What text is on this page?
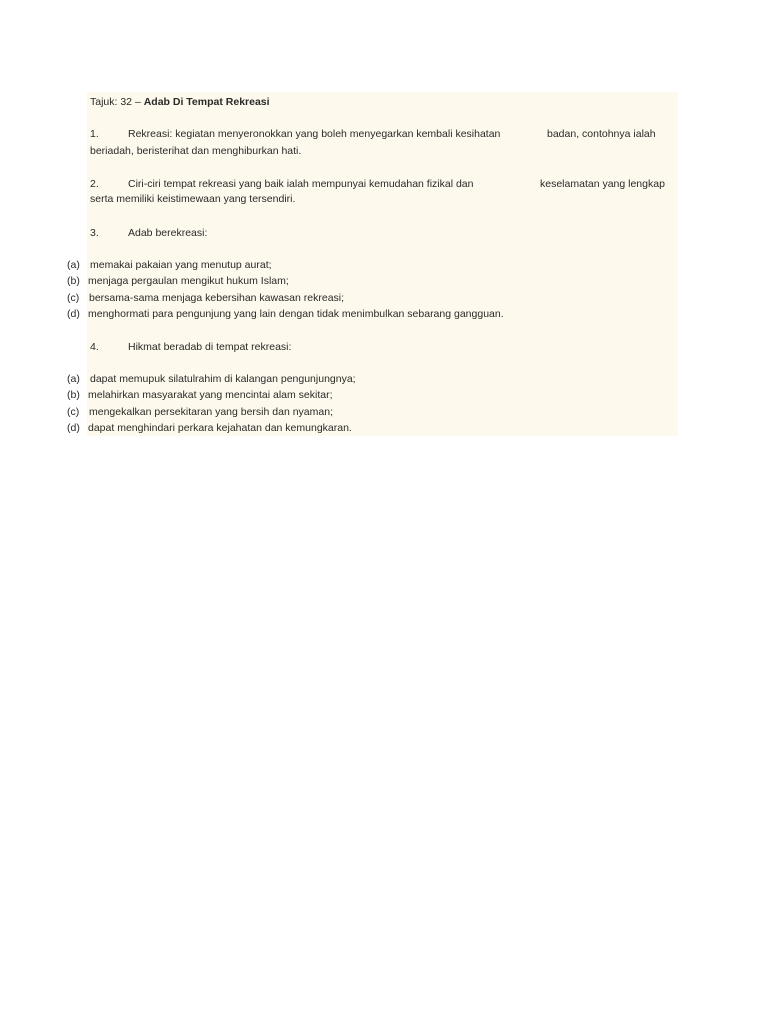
Tajuk: 32 – Adab Di Tempat Rekreasi
1.	Rekreasi: kegiatan menyeronokkan yang boleh menyegarkan kembali kesihatan	badan, contohnya ialah
beriadah, beristerihat dan menghiburkan hati.
2.	Ciri-ciri tempat rekreasi yang baik ialah mempunyai kemudahan fizikal dan	keselamatan yang lengkap
serta memiliki keistimewaan yang tersendiri.
3.	Adab berekreasi:
(a) memakai pakaian yang menutup aurat;
(b) menjaga pergaulan mengikut hukum Islam;
(c) bersama-sama menjaga kebersihan kawasan rekreasi;
(d) menghormati para pengunjung yang lain dengan tidak menimbulkan sebarang gangguan.
4.	Hikmat beradab di tempat rekreasi:
(a) dapat memupuk silatulrahim di kalangan pengunjungnya;
(b) melahirkan masyarakat yang mencintai alam sekitar;
(c) mengekalkan persekitaran yang bersih dan nyaman;
(d) dapat menghindari perkara kejahatan dan kemungkaran.
